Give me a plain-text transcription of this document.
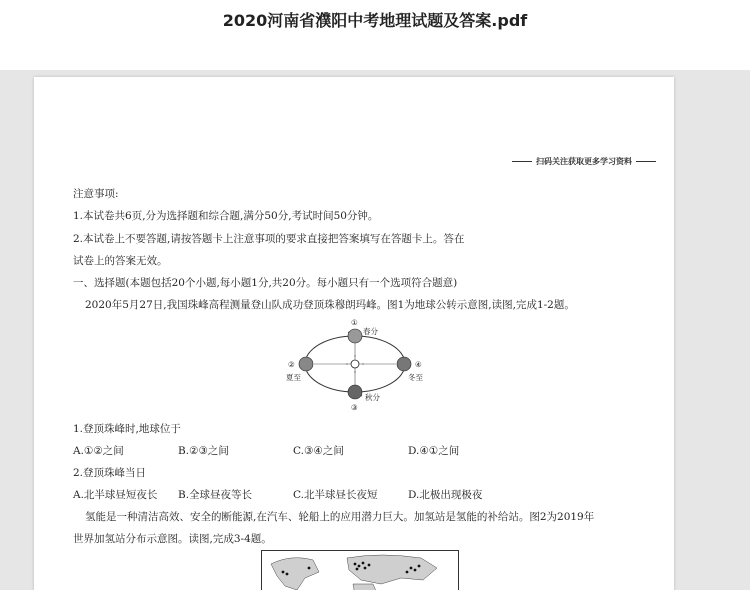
2020河南省濮阳中考地理试题及答案.pdf
扫码关注获取更多学习资料
注意事项:
1.本试卷共6页,分为选择题和综合题,满分50分,考试时间50分钟。
2.本试卷上不要答题,请按答题卡上注意事项的要求直接把答案填写在答题卡上。答在
试卷上的答案无效。
一、选择题(本题包括20个小题,每小题1分,共20分。每小题只有一个选项符合题意)
2020年5月27日,我国珠峰高程测量登山队成功登顶珠穆朗玛峰。图1为地球公转示意图,读图,完成1-2题。
①
②
③
④
春分
夏至
秋分
冬至
1.登顶珠峰时,地球位于
A.①②之间	B.②③之间	C.③④之间	D.④①之间
2.登顶珠峰当日
A.北半球昼短夜长 B.全球昼夜等长	C.北半球昼长夜短	D.北极出现极夜
氢能是一种清洁高效、安全的断能源,在汽车、轮船上的应用潜力巨大。加氢站是氢能的补给站。图2为2019年
世界加氢站分布示意图。读图,完成3-4题。
